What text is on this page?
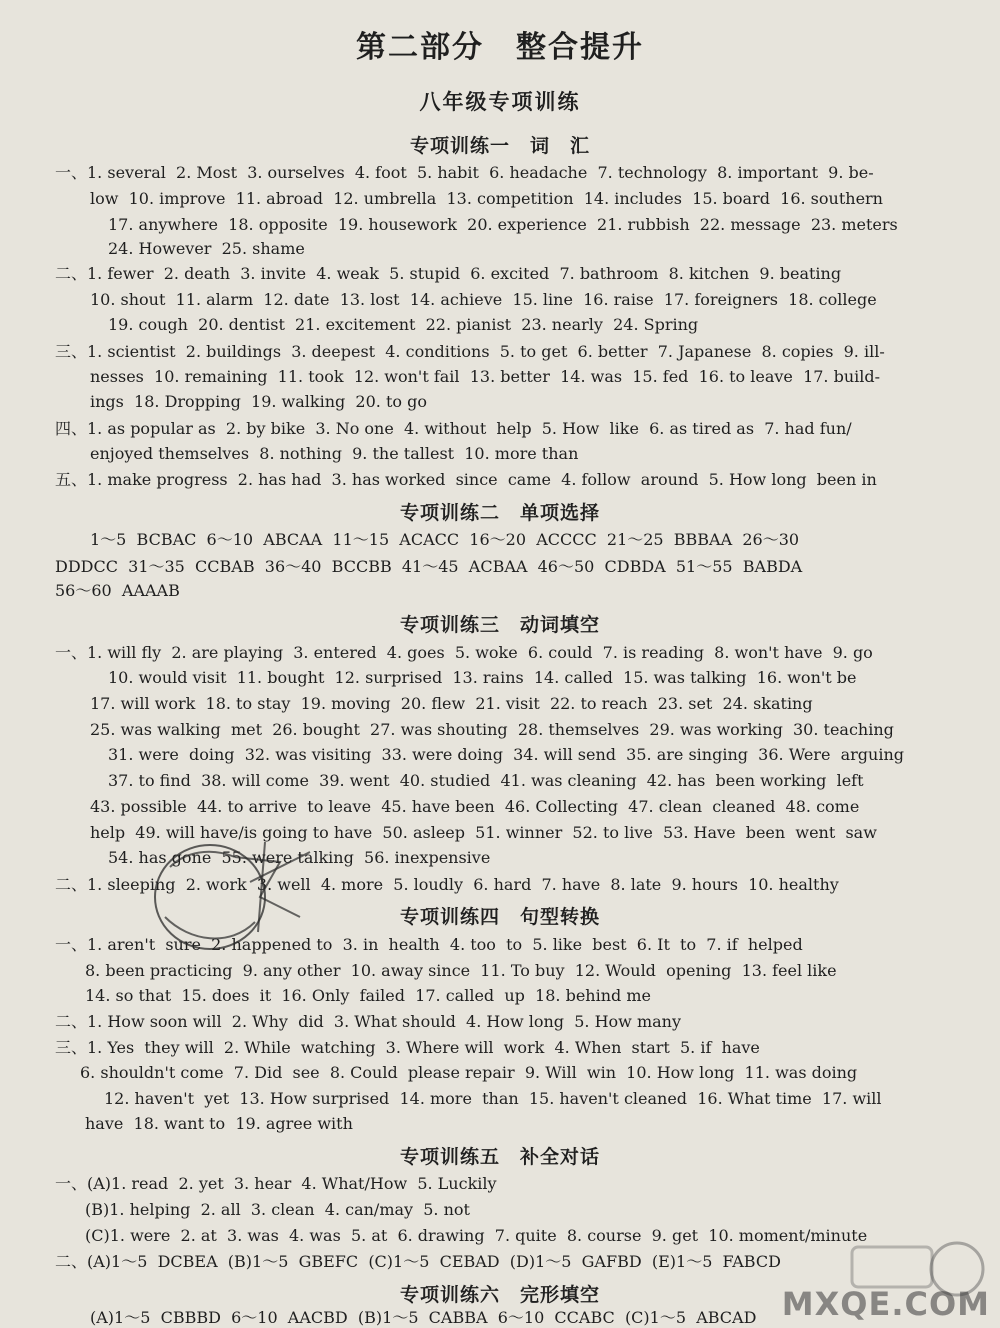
第二部分　整合提升
八年级专项训练
专项训练一　词　汇
专项训练二　单项选择
专项训练三　动词填空
专项训练四　句型转换
专项训练五　补全对话
专项训练六　完形填空
一、1. several  2. Most  3. ourselves  4. foot  5. habit  6. headache  7. technology  8. important  9. be-
low  10. improve  11. abroad  12. umbrella  13. competition  14. includes  15. board  16. southern
17. anywhere  18. opposite  19. housework  20. experience  21. rubbish  22. message  23. meters
24. However  25. shame
二、1. fewer  2. death  3. invite  4. weak  5. stupid  6. excited  7. bathroom  8. kitchen  9. beating
10. shout  11. alarm  12. date  13. lost  14. achieve  15. line  16. raise  17. foreigners  18. college
19. cough  20. dentist  21. excitement  22. pianist  23. nearly  24. Spring
三、1. scientist  2. buildings  3. deepest  4. conditions  5. to get  6. better  7. Japanese  8. copies  9. ill-
nesses  10. remaining  11. took  12. won't fail  13. better  14. was  15. fed  16. to leave  17. build-
ings  18. Dropping  19. walking  20. to go
四、1. as popular as  2. by bike  3. No one  4. without  help  5. How  like  6. as tired as  7. had fun/
enjoyed themselves  8. nothing  9. the tallest  10. more than
五、1. make progress  2. has had  3. has worked  since  came  4. follow  around  5. How long  been in
1～5  BCBAC  6～10  ABCAA  11～15  ACACC  16～20  ACCCC  21～25  BBBAA  26～30
DDDCC  31～35  CCBAB  36～40  BCCBB  41～45  ACBAA  46～50  CDBDA  51～55  BABDA
56～60  AAAAB
一、1. will fly  2. are playing  3. entered  4. goes  5. woke  6. could  7. is reading  8. won't have  9. go
10. would visit  11. bought  12. surprised  13. rains  14. called  15. was talking  16. won't be
17. will work  18. to stay  19. moving  20. flew  21. visit  22. to reach  23. set  24. skating
25. was walking  met  26. bought  27. was shouting  28. themselves  29. was working  30. teaching
31. were  doing  32. was visiting  33. were doing  34. will send  35. are singing  36. Were  arguing
37. to find  38. will come  39. went  40. studied  41. was cleaning  42. has  been working  left
43. possible  44. to arrive  to leave  45. have been  46. Collecting  47. clean  cleaned  48. come
help  49. will have/is going to have  50. asleep  51. winner  52. to live  53. Have  been  went  saw
54. has gone  55. were talking  56. inexpensive
二、1. sleeping  2. work  3. well  4. more  5. loudly  6. hard  7. have  8. late  9. hours  10. healthy
一、1. aren't  sure  2. happened to  3. in  health  4. too  to  5. like  best  6. It  to  7. if  helped
8. been practicing  9. any other  10. away since  11. To buy  12. Would  opening  13. feel like
14. so that  15. does  it  16. Only  failed  17. called  up  18. behind me
二、1. How soon will  2. Why  did  3. What should  4. How long  5. How many
三、1. Yes  they will  2. While  watching  3. Where will  work  4. When  start  5. if  have
6. shouldn't come  7. Did  see  8. Could  please repair  9. Will  win  10. How long  11. was doing
12. haven't  yet  13. How surprised  14. more  than  15. haven't cleaned  16. What time  17. will
have  18. want to  19. agree with
一、(A)1. read  2. yet  3. hear  4. What/How  5. Luckily
(B)1. helping  2. all  3. clean  4. can/may  5. not
(C)1. were  2. at  3. was  4. was  5. at  6. drawing  7. quite  8. course  9. get  10. moment/minute
二、(A)1～5  DCBEA  (B)1～5  GBEFC  (C)1～5  CEBAD  (D)1～5  GAFBD  (E)1～5  FABCD
(A)1～5  CBBBD  6～10  AACBD  (B)1～5  CABBA  6～10  CCABC  (C)1～5  ABCAD MXQE.COM
